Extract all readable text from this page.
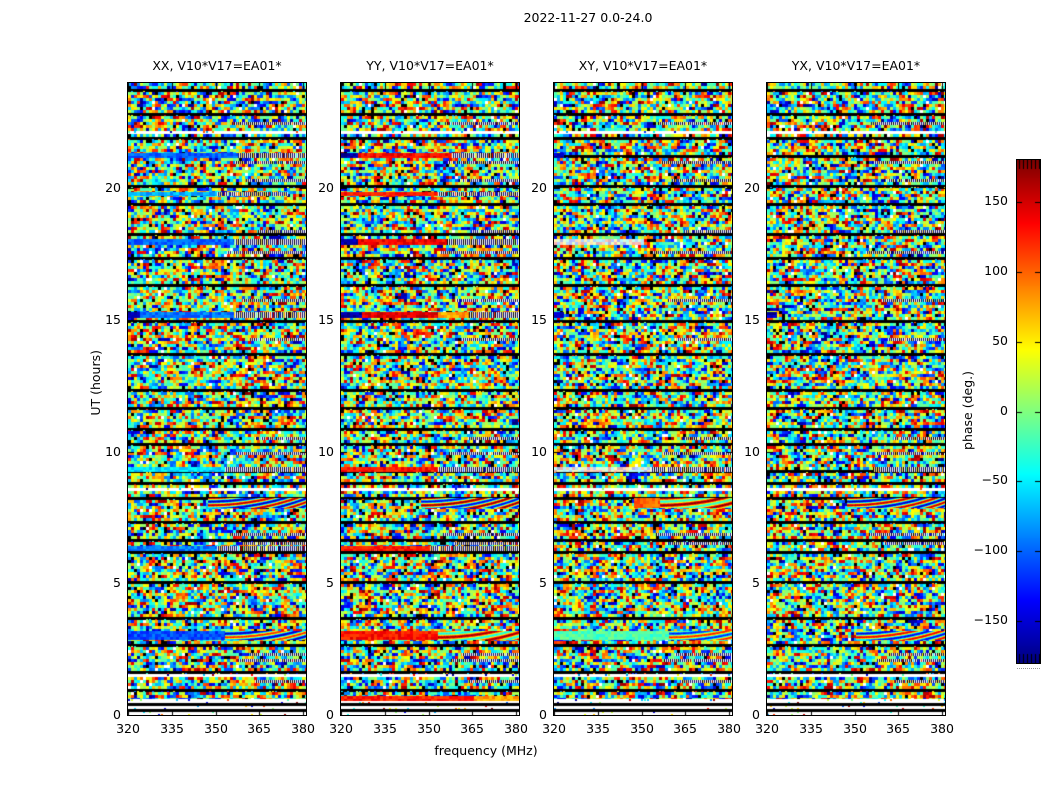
2022-11-27 0.0-24.0
XX, V10*V17=EA01*	YY, V10*V17=EA01*	XY, V10*V17=EA01*	YX, V10*V17=EA01*
UT (hours)
frequency (MHz)
phase (deg.)
0
5
10
15
20
320	335	350	365	380
0
5
10
15
20
320	335	350	365	380
0
5
10
15
20
320	335	350	365	380
0
5
10
15
20
320	335	350	365	380
150
100
50
0
−50
−100
−150
